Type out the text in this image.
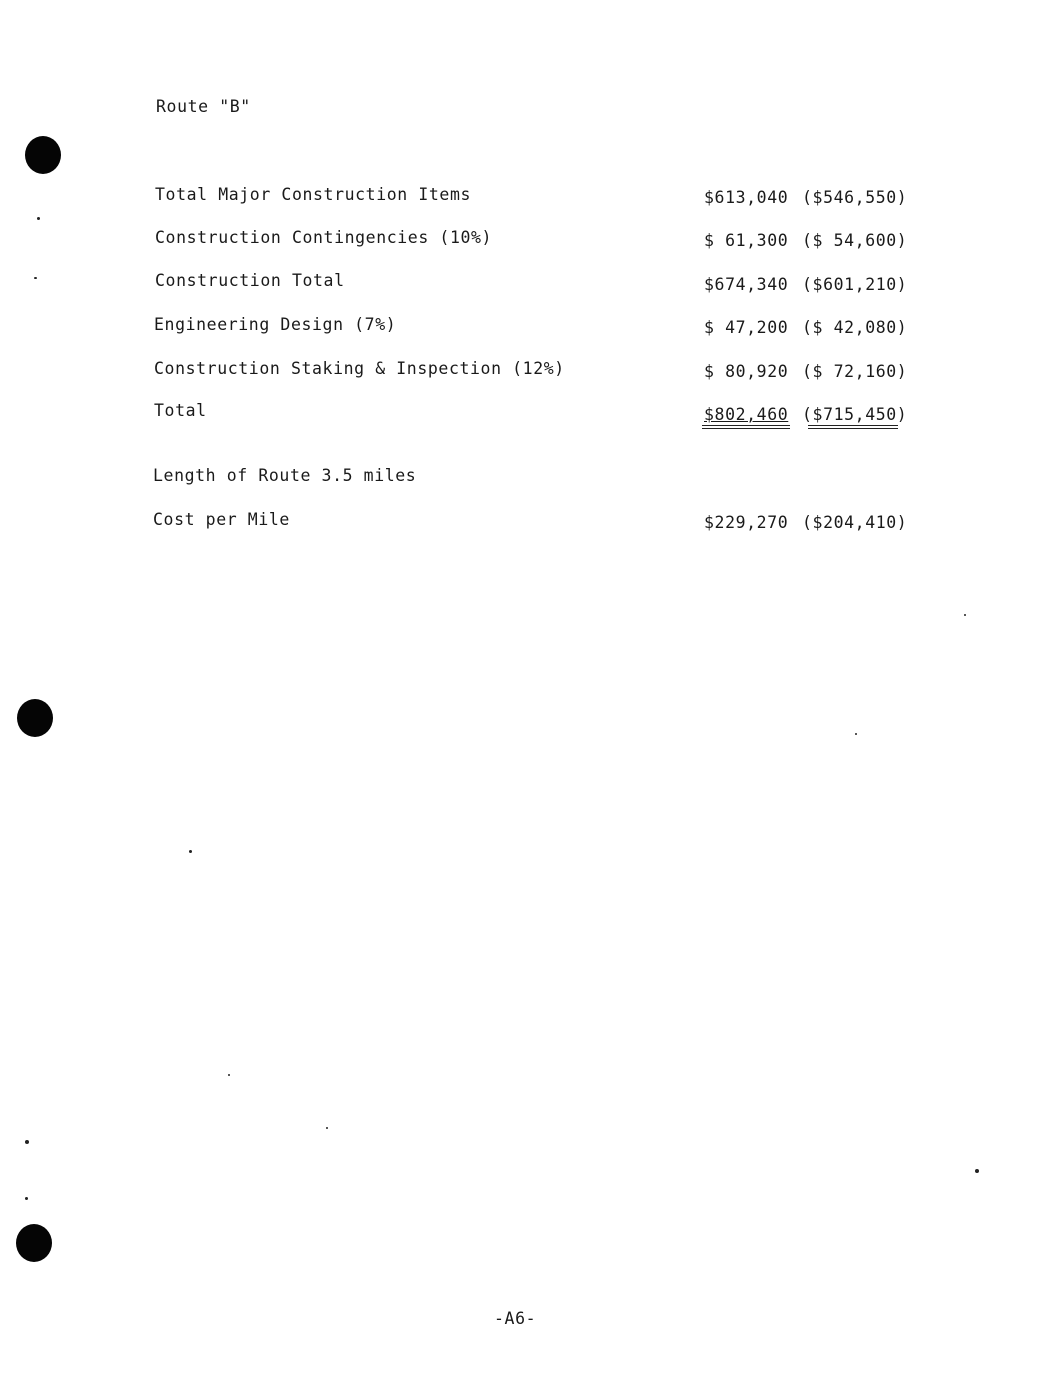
Route "B"
Total Major Construction Items	$613,040 ($546,550)
Construction Contingencies (10%)	$ 61,300 ($ 54,600)
Construction Total	$674,340 ($601,210)
Engineering Design (7%)	$ 47,200 ($ 42,080)
Construction Staking & Inspection (12%)	$ 80,920 ($ 72,160)
Total	$802,460 ($715,450)
Length of Route 3.5 miles
Cost per Mile	$229,270 ($204,410)
-A6-
